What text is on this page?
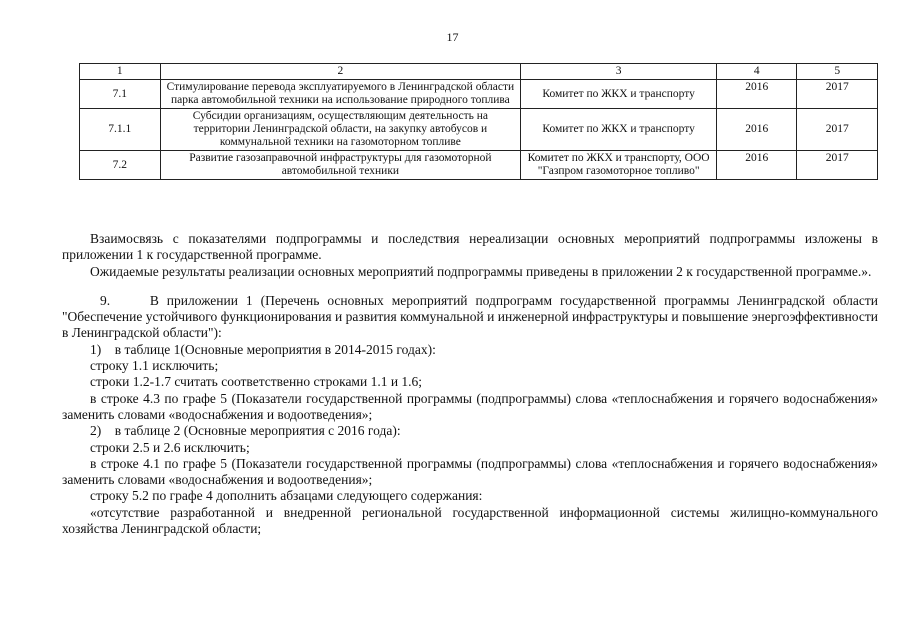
17
1	2	3	4	5
7.1	Стимулирование перевода эксплуатируемого в Ленинградской области парка автомобильной техники на использование природного топлива	Комитет по ЖКХ и транспорту	2016	2017
7.1.1	Субсидии организациям, осуществляющим деятельность на территории Ленинградской области, на закупку автобусов и коммунальной техники на газомоторном топливе	Комитет по ЖКХ и транспорту	2016	2017
7.2	Развитие газозаправочной инфраструктуры для газомоторной автомобильной техники	Комитет по ЖКХ и транспорту, ООО "Газпром газомоторное топливо"	2016	2017

Взаимосвязь с показателями подпрограммы и последствия нереализации основных мероприятий подпрограммы изложены в приложении 1 к государственной программе.

Ожидаемые результаты реализации основных мероприятий подпрограммы приведены в приложении 2 к государственной программе.».

9.     В приложении 1 (Перечень основных мероприятий подпрограмм государственной программы Ленинградской области "Обеспечение устойчивого функционирования и развития коммунальной и инженерной инфраструктуры и повышение энергоэффективности в Ленинградской области"):

1)    в таблице 1(Основные мероприятия в 2014-2015 годах):

строку 1.1 исключить;

строки 1.2-1.7 считать соответственно строками 1.1 и 1.6;

в строке 4.3 по графе 5 (Показатели государственной программы (подпрограммы) слова «теплоснабжения и горячего водоснабжения» заменить словами «водоснабжения и водоотведения»;

2)    в таблице 2 (Основные мероприятия с 2016 года):

строки 2.5 и 2.6 исключить;

в строке 4.1 по графе 5 (Показатели государственной программы (подпрограммы) слова «теплоснабжения и горячего водоснабжения» заменить словами «водоснабжения и водоотведения»;

строку 5.2 по графе 4 дополнить абзацами следующего содержания:

«отсутствие разработанной и внедренной региональной государственной информационной системы жилищно-коммунального хозяйства Ленинградской области;
